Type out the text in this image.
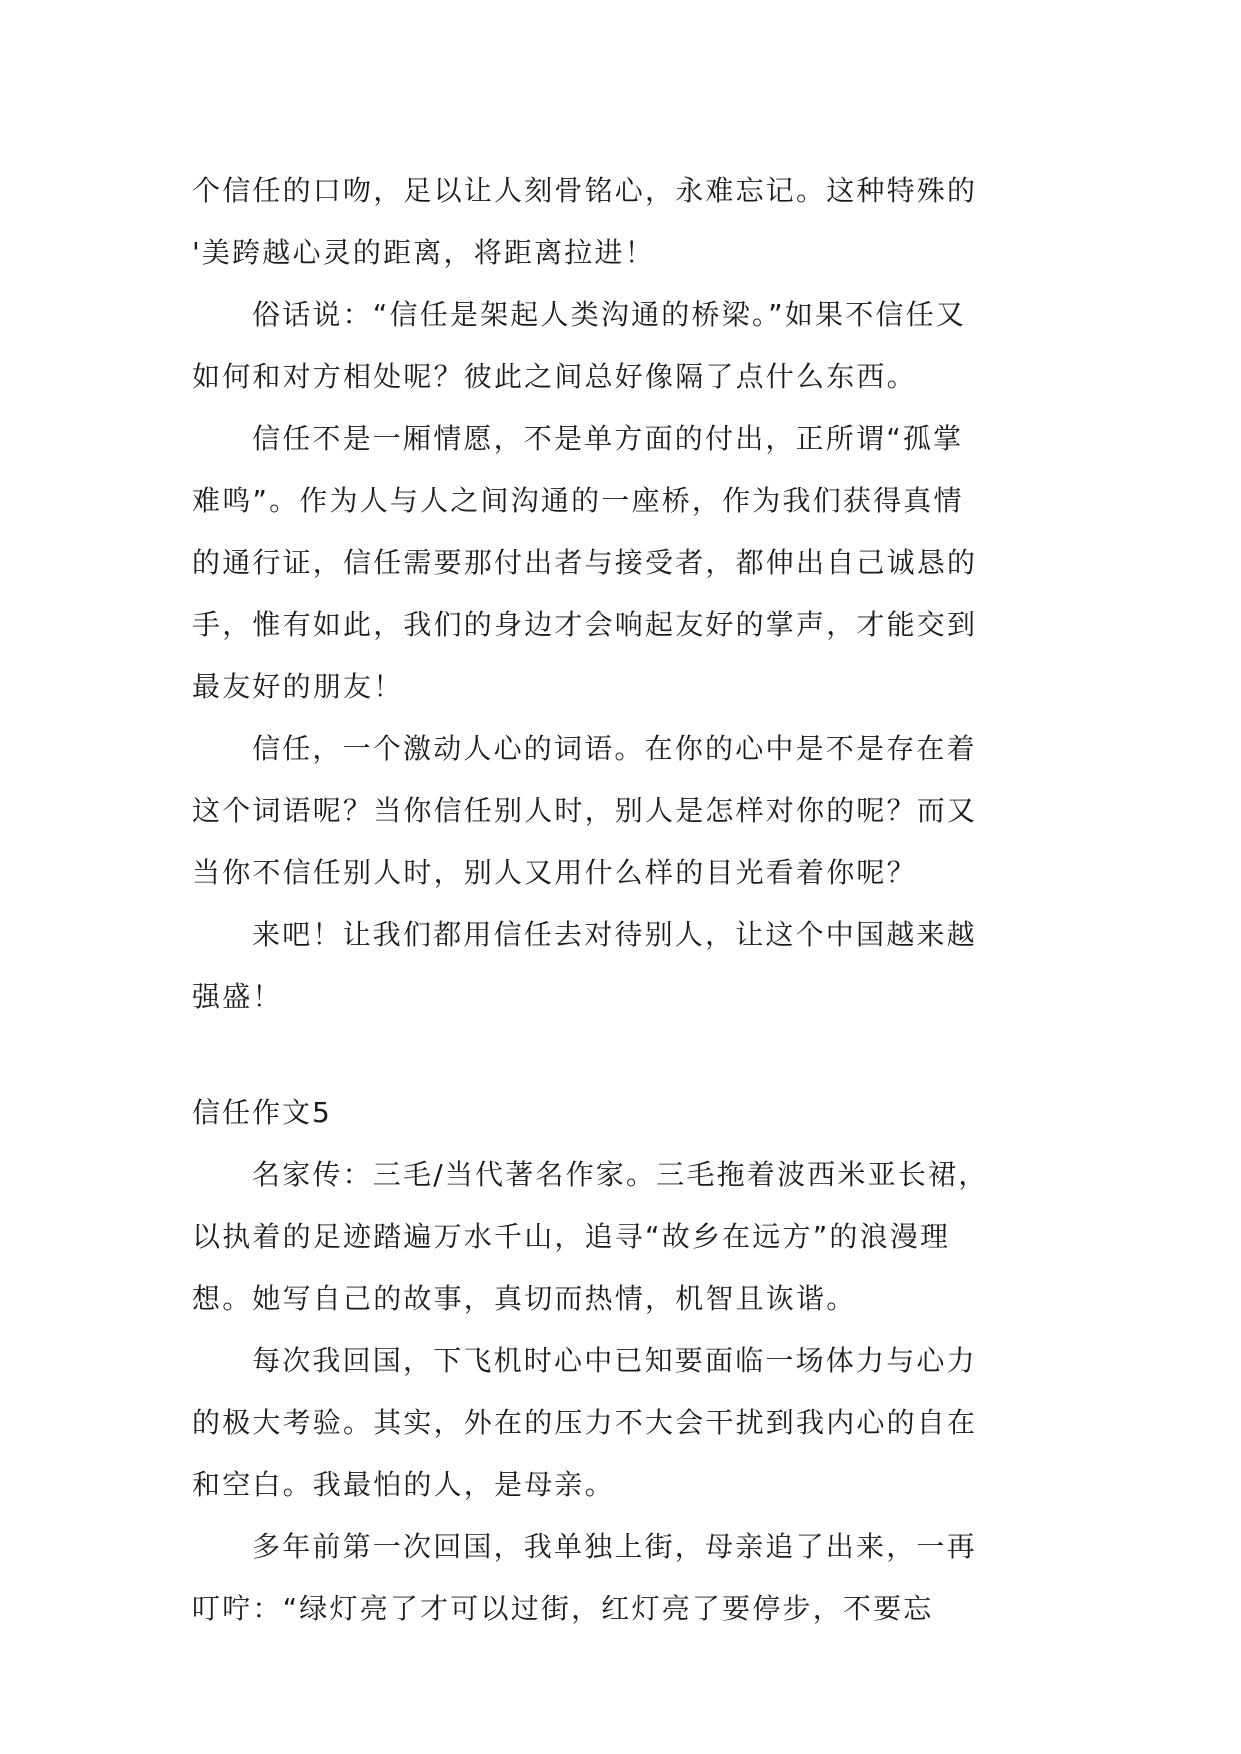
个信任的口吻，足以让人刻骨铭心，永难忘记。这种特殊的
'美跨越心灵的距离，将距离拉进！
俗话说：“信任是架起人类沟通的桥梁。”如果不信任又
如何和对方相处呢？彼此之间总好像隔了点什么东西。
信任不是一厢情愿，不是单方面的付出，正所谓“孤掌
难鸣”。作为人与人之间沟通的一座桥，作为我们获得真情
的通行证，信任需要那付出者与接受者，都伸出自己诚恳的
手，惟有如此，我们的身边才会响起友好的掌声，才能交到
最友好的朋友！
信任，一个激动人心的词语。在你的心中是不是存在着
这个词语呢？当你信任别人时，别人是怎样对你的呢？而又
当你不信任别人时，别人又用什么样的目光看着你呢？
来吧！让我们都用信任去对待别人，让这个中国越来越
强盛！
信任作文5
名家传：三毛/当代著名作家。三毛拖着波西米亚长裙，
以执着的足迹踏遍万水千山，追寻“故乡在远方”的浪漫理
想。她写自己的故事，真切而热情，机智且诙谐。
每次我回国，下飞机时心中已知要面临一场体力与心力
的极大考验。其实，外在的压力不大会干扰到我内心的自在
和空白。我最怕的人，是母亲。
多年前第一次回国，我单独上街，母亲追了出来，一再
叮咛：“绿灯亮了才可以过街，红灯亮了要停步，不要忘
